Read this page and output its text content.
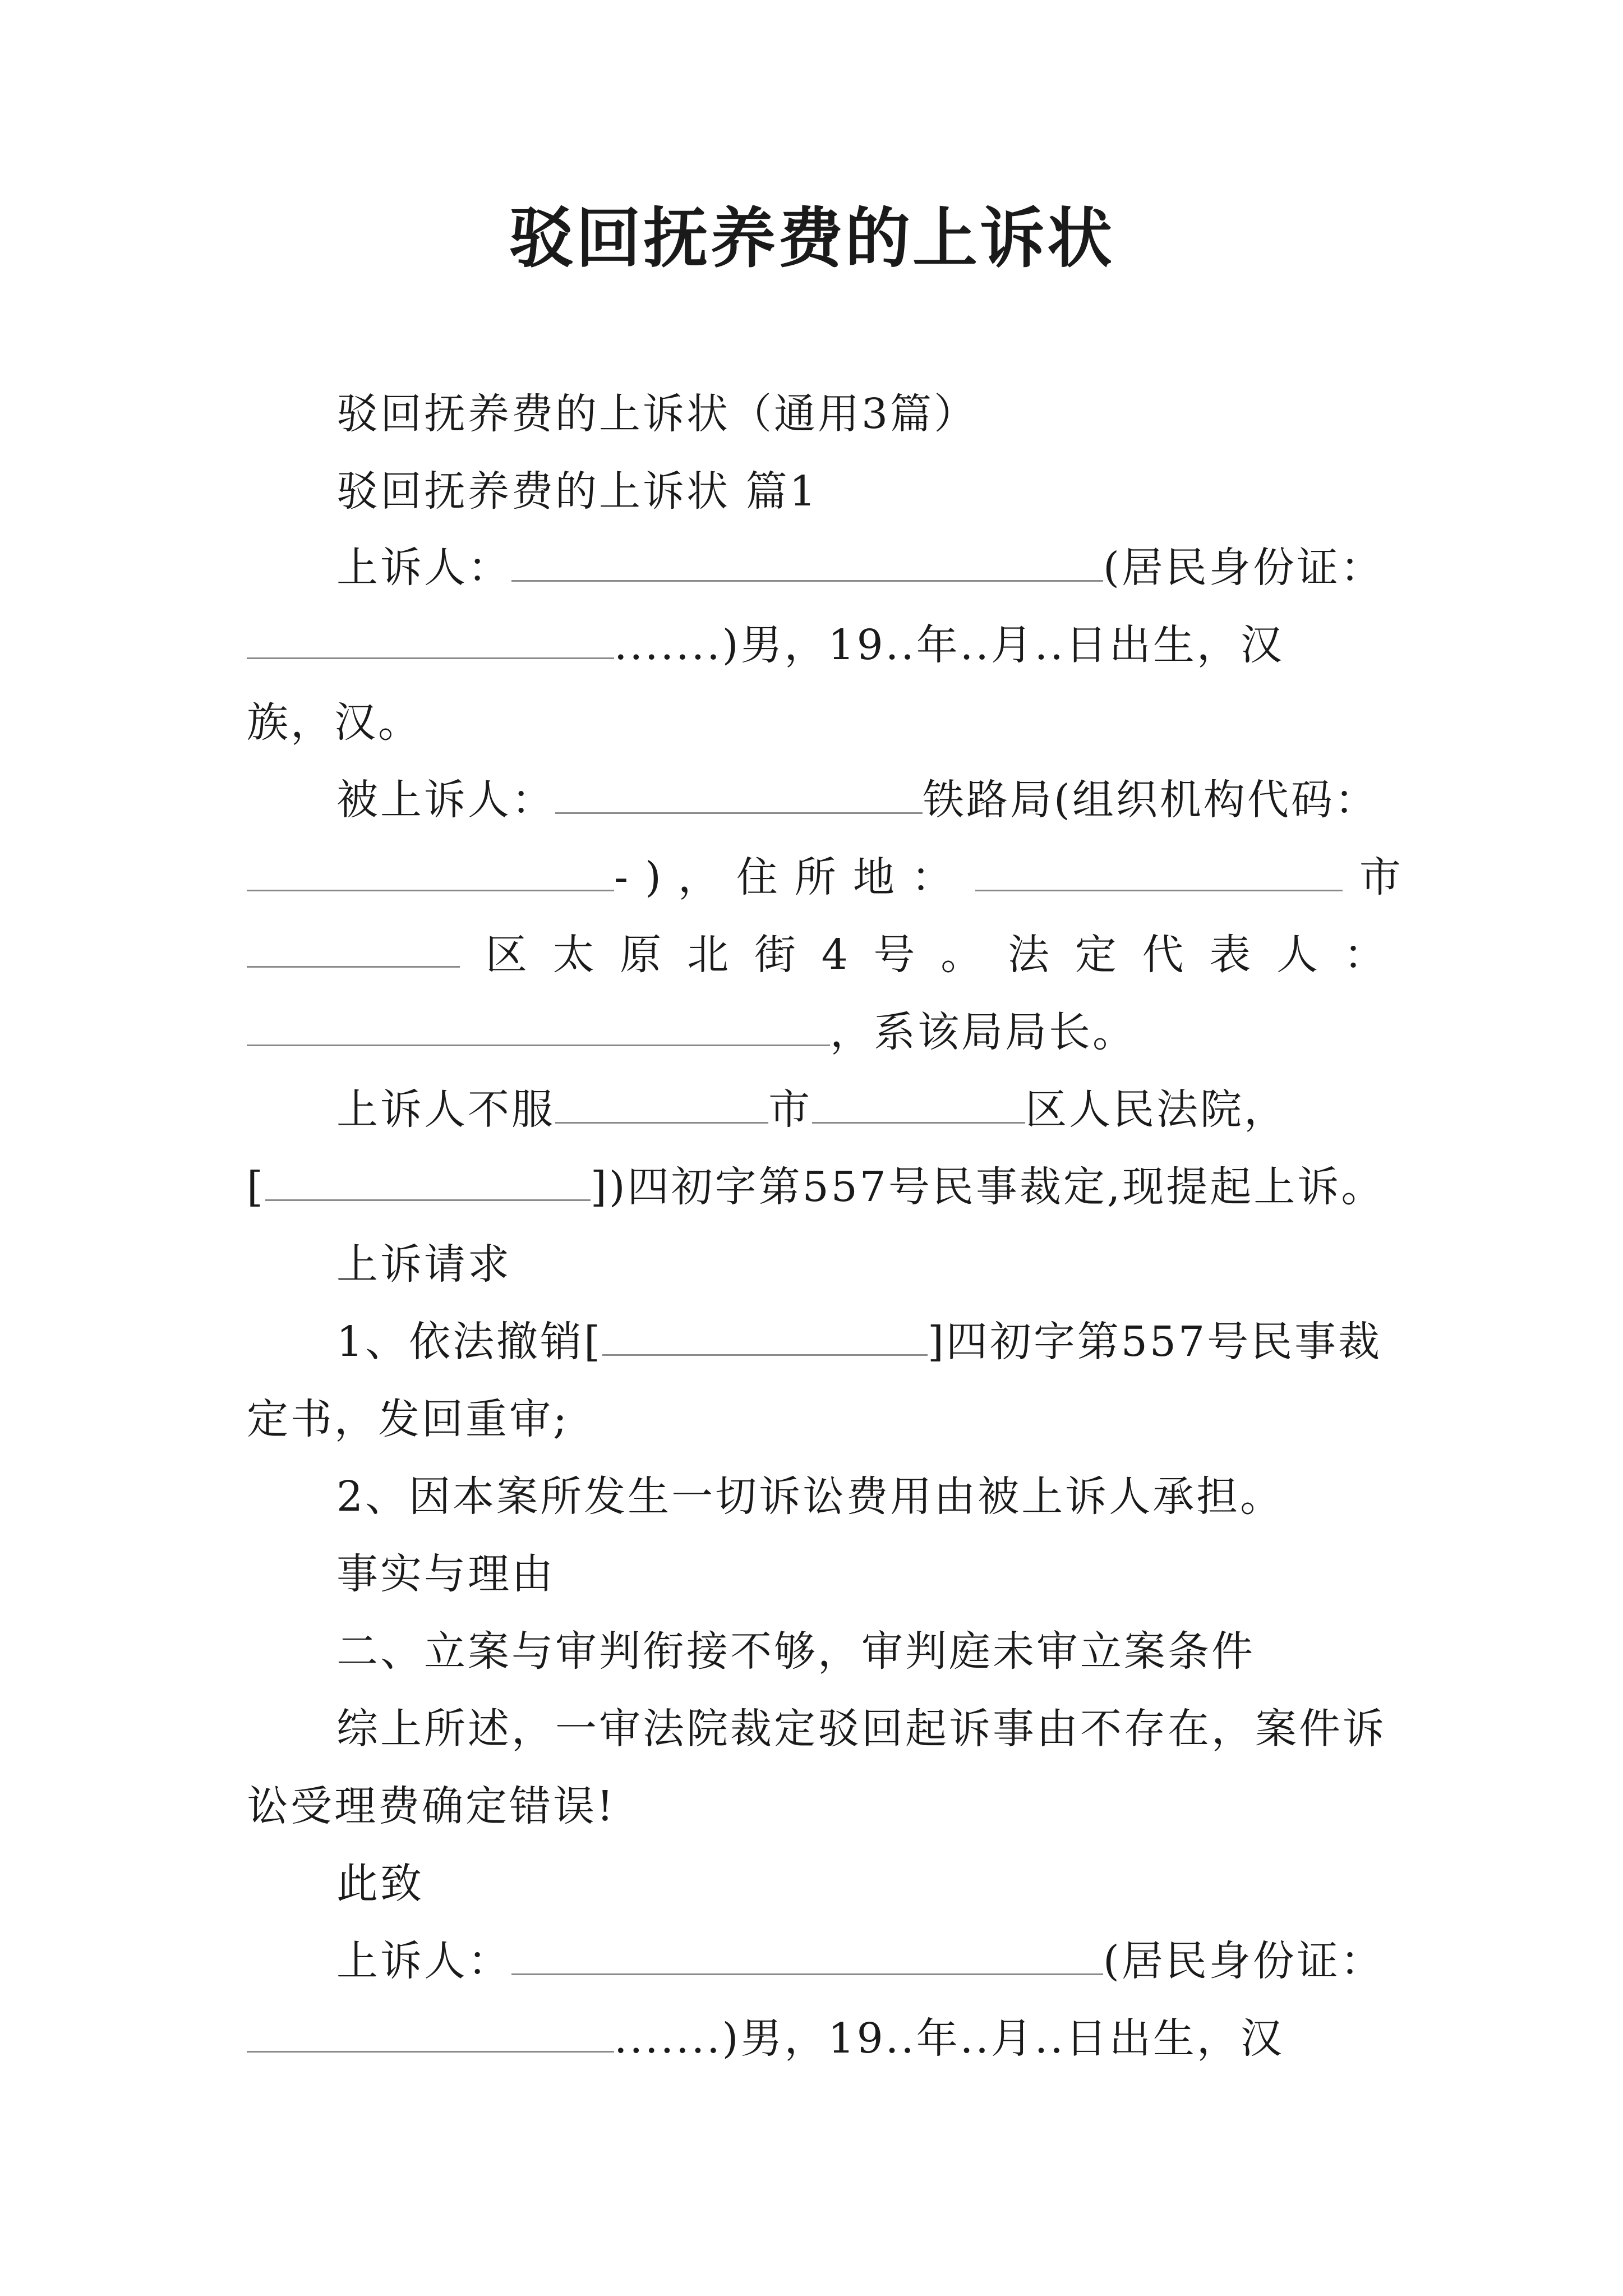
驳回抚养费的上诉状
驳回抚养费的上诉状（通用3篇）
驳回抚养费的上诉状 篇1
上诉人：	(居民身份证：
.......)男，19..年..月..日出生，汉
族，汉。
被上诉人：	铁路局(组织机构代码：
-)，住所地：	市
区 太 原 北 街 4 号 。 法 定 代 表 人 ：
，系该局局长。
上诉人不服	市	区人民法院，
[	])四初字第557号民事裁定,现提起上诉。
上诉请求
1、依法撤销[	]四初字第557号民事裁
定书，发回重审;
2、因本案所发生一切诉讼费用由被上诉人承担。
事实与理由
二、立案与审判衔接不够，审判庭未审立案条件
综上所述，一审法院裁定驳回起诉事由不存在，案件诉
讼受理费确定错误!
此致
上诉人：	(居民身份证：
.......)男，19..年..月..日出生，汉
